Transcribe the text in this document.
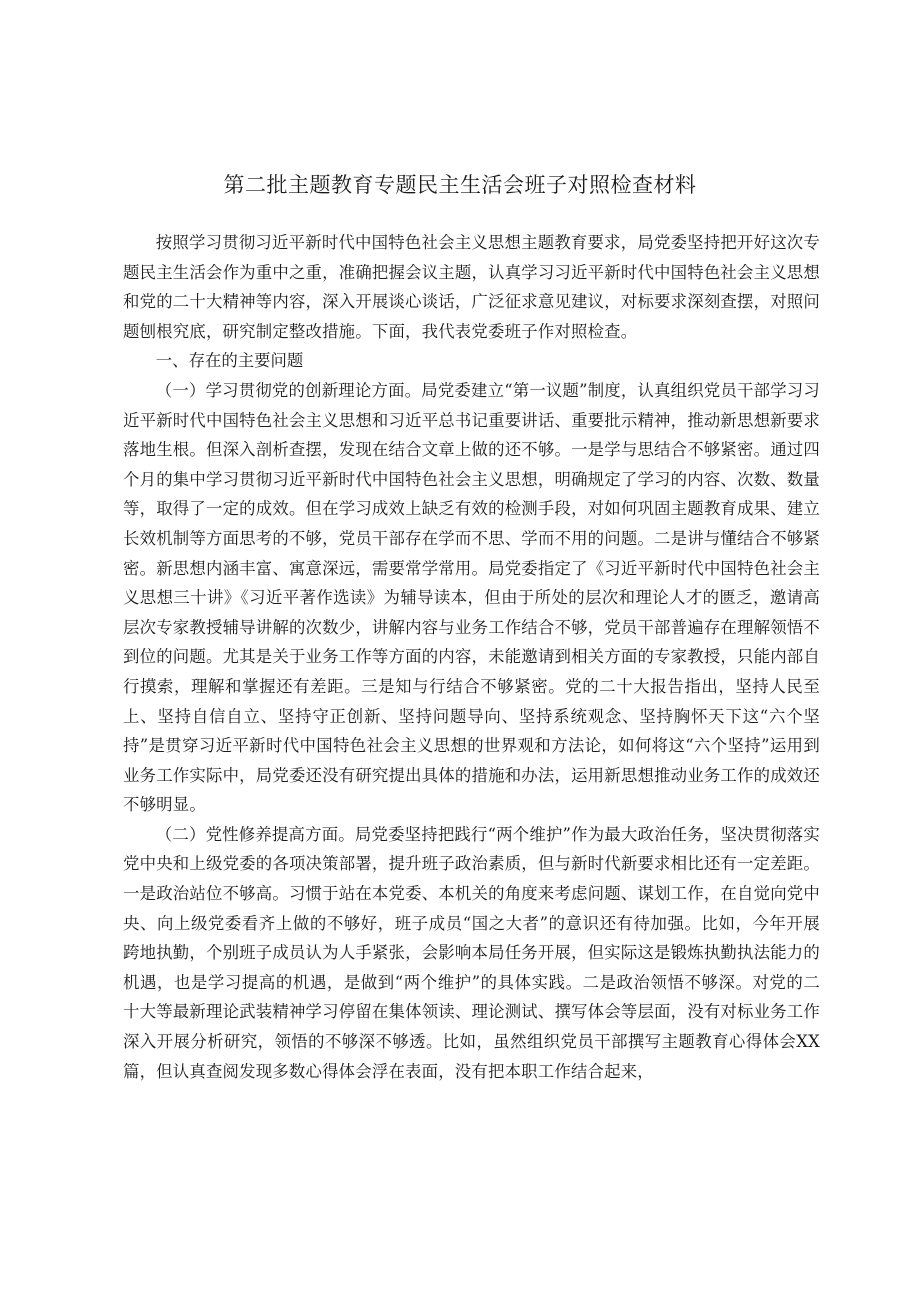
第二批主题教育专题民主生活会班子对照检查材料

按照学习贯彻习近平新时代中国特色社会主义思想主题教育要求，局党委坚持把开好这次专题民主生活会作为重中之重，准确把握会议主题，认真学习习近平新时代中国特色社会主义思想和党的二十大精神等内容，深入开展谈心谈话，广泛征求意见建议，对标要求深刻查摆，对照问题刨根究底，研究制定整改措施。下面，我代表党委班子作对照检查。

一、存在的主要问题

（一）学习贯彻党的创新理论方面。局党委建立“第一议题”制度，认真组织党员干部学习习近平新时代中国特色社会主义思想和习近平总书记重要讲话、重要批示精神，推动新思想新要求落地生根。但深入剖析查摆，发现在结合文章上做的还不够。一是学与思结合不够紧密。通过四个月的集中学习贯彻习近平新时代中国特色社会主义思想，明确规定了学习的内容、次数、数量等，取得了一定的成效。但在学习成效上缺乏有效的检测手段，对如何巩固主题教育成果、建立长效机制等方面思考的不够，党员干部存在学而不思、学而不用的问题。二是讲与懂结合不够紧密。新思想内涵丰富、寓意深远，需要常学常用。局党委指定了《习近平新时代中国特色社会主义思想三十讲》《习近平著作选读》为辅导读本，但由于所处的层次和理论人才的匮乏，邀请高层次专家教授辅导讲解的次数少，讲解内容与业务工作结合不够，党员干部普遍存在理解领悟不到位的问题。尤其是关于业务工作等方面的内容，未能邀请到相关方面的专家教授，只能内部自行摸索，理解和掌握还有差距。三是知与行结合不够紧密。党的二十大报告指出，坚持人民至上、坚持自信自立、坚持守正创新、坚持问题导向、坚持系统观念、坚持胸怀天下这“六个坚持”是贯穿习近平新时代中国特色社会主义思想的世界观和方法论，如何将这“六个坚持”运用到业务工作实际中，局党委还没有研究提出具体的措施和办法，运用新思想推动业务工作的成效还不够明显。

（二）党性修养提高方面。局党委坚持把践行“两个维护”作为最大政治任务，坚决贯彻落实党中央和上级党委的各项决策部署，提升班子政治素质，但与新时代新要求相比还有一定差距。一是政治站位不够高。习惯于站在本党委、本机关的角度来考虑问题、谋划工作，在自觉向党中央、向上级党委看齐上做的不够好，班子成员“国之大者”的意识还有待加强。比如，今年开展跨地执勤，个别班子成员认为人手紧张，会影响本局任务开展，但实际这是锻炼执勤执法能力的机遇，也是学习提高的机遇，是做到“两个维护”的具体实践。二是政治领悟不够深。对党的二十大等最新理论武装精神学习停留在集体领读、理论测试、撰写体会等层面，没有对标业务工作深入开展分析研究，领悟的不够深不够透。比如，虽然组织党员干部撰写主题教育心得体会XX篇，但认真查阅发现多数心得体会浮在表面，没有把本职工作结合起来，
